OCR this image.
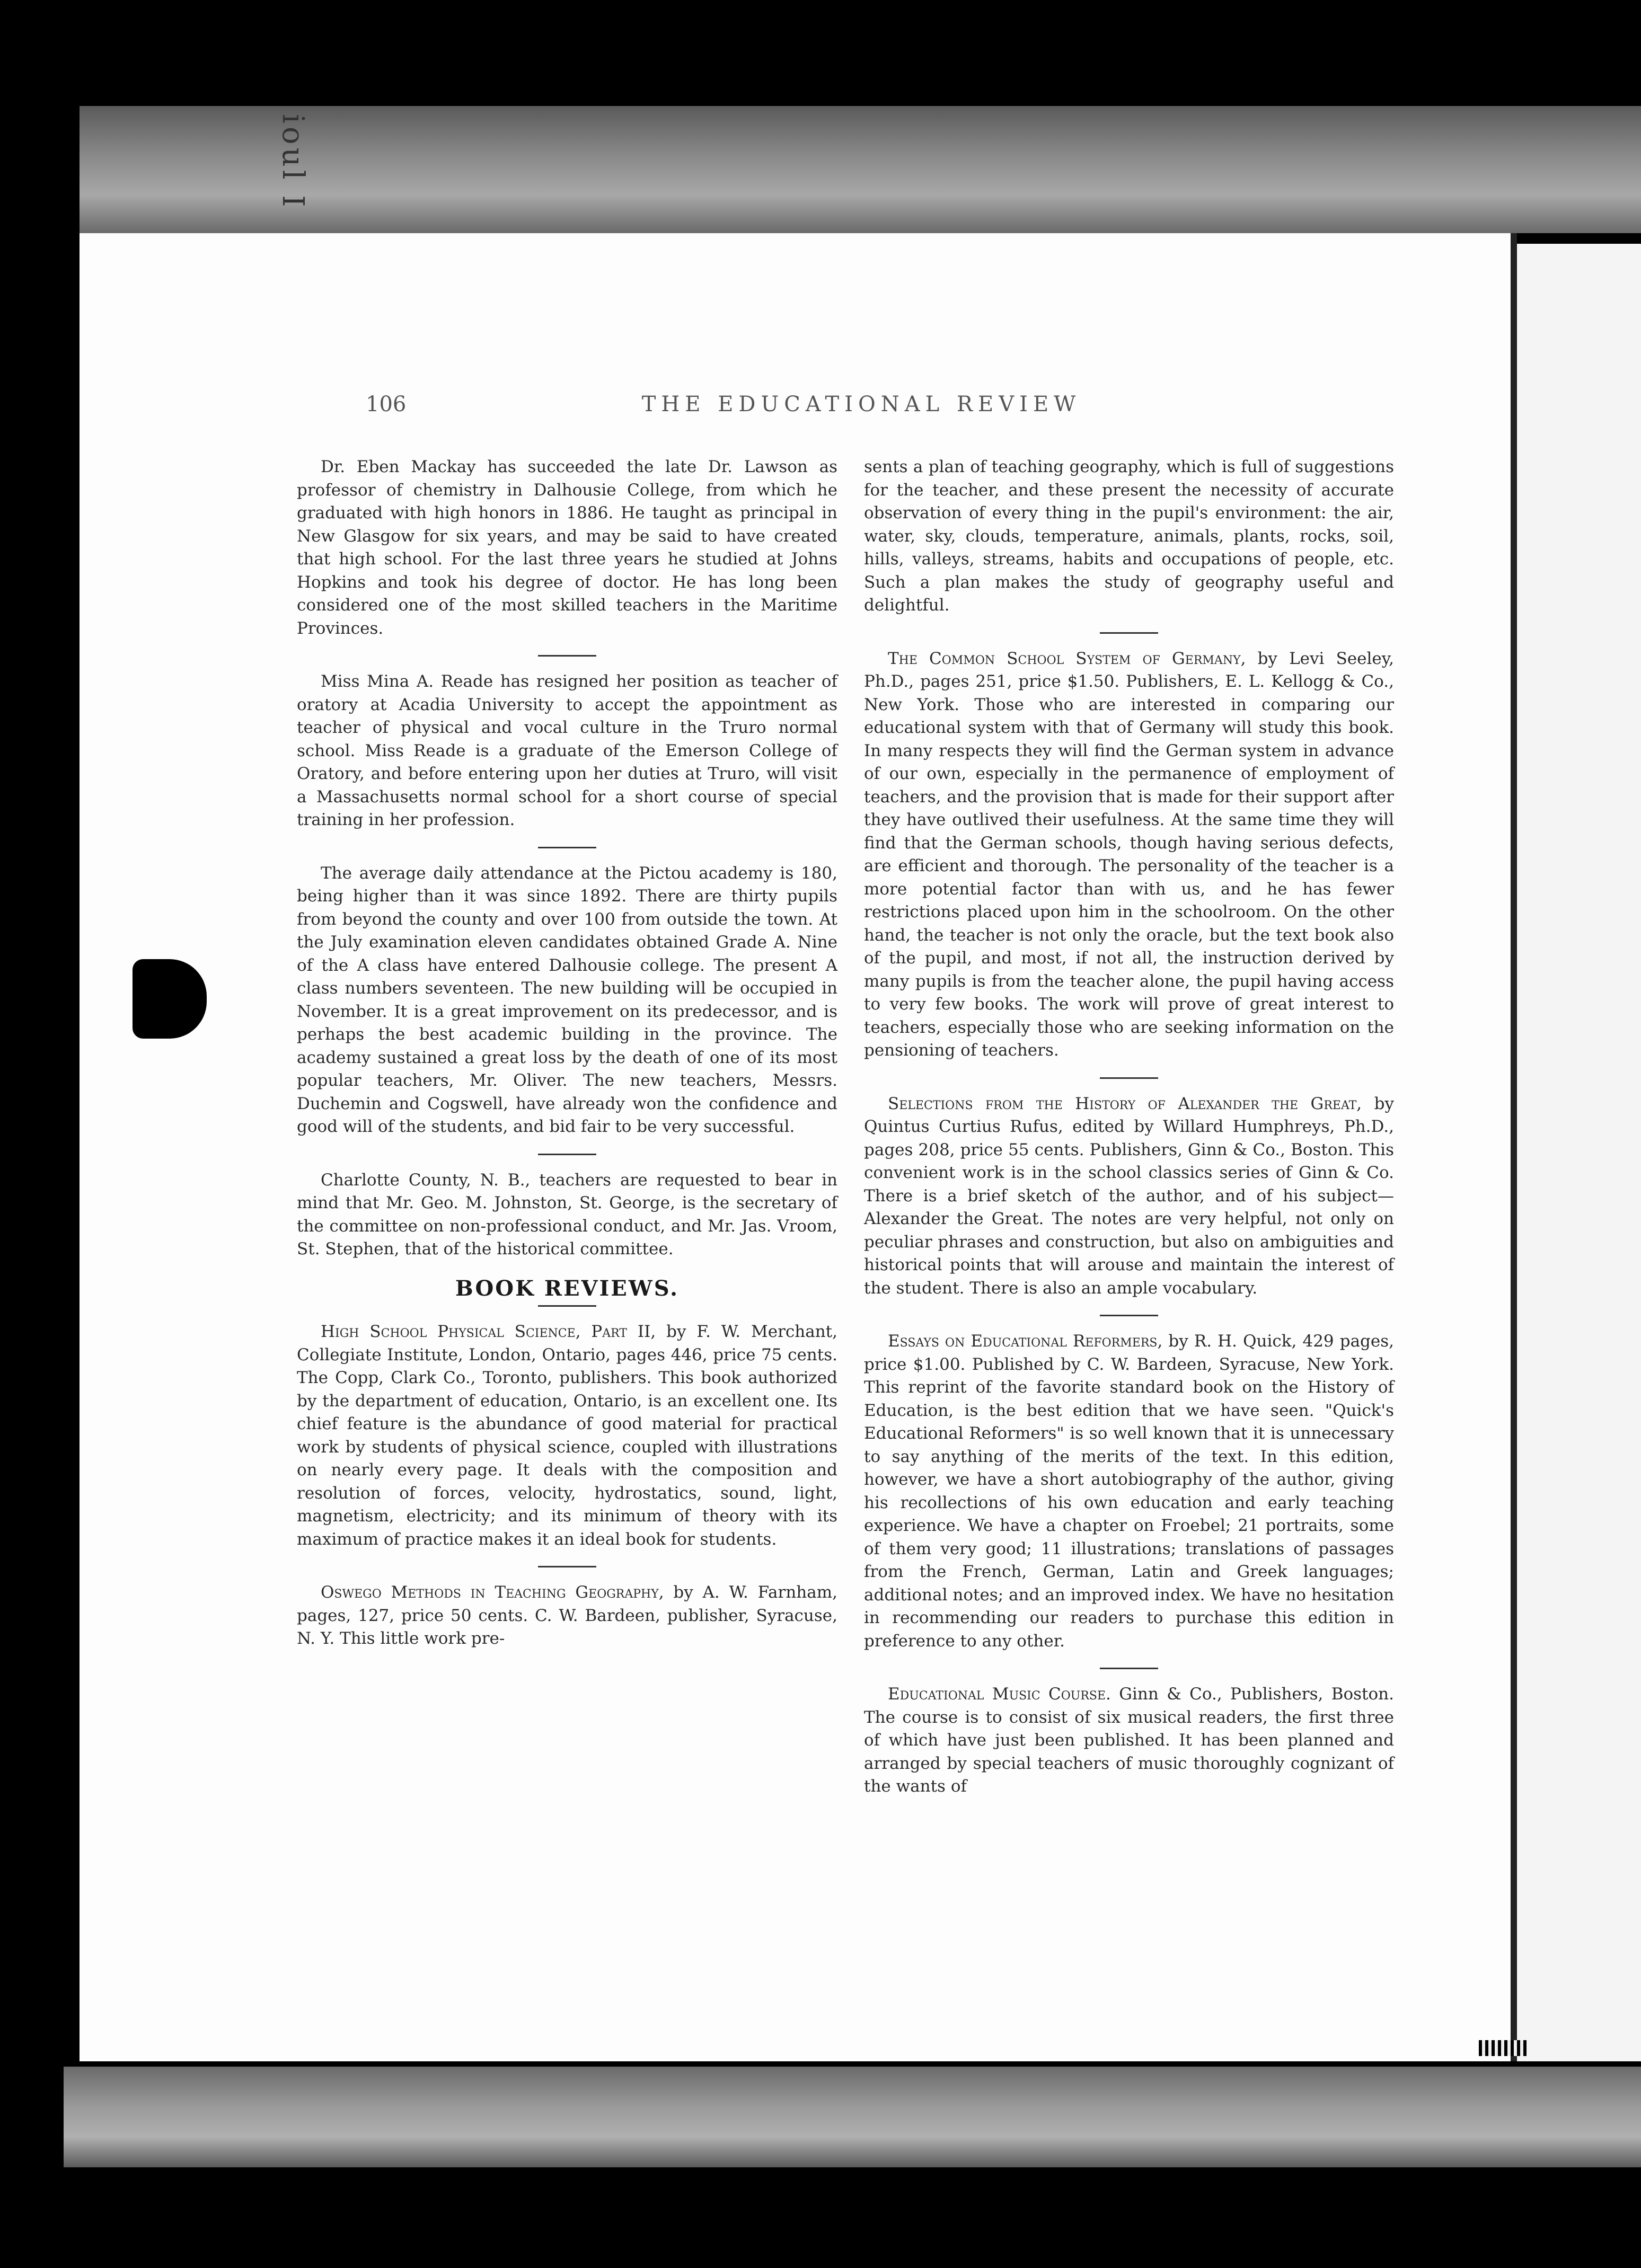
ioul I
106	THE EDUCATIONAL REVIEW

Dr. Eben Mackay has succeeded the late Dr. Lawson as professor of chemistry in Dalhousie College, from which he graduated with high honors in 1886. He taught as principal in New Glasgow for six years, and may be said to have created that high school. For the last three years he studied at Johns Hopkins and took his degree of doctor. He has long been considered one of the most skilled teachers in the Maritime Provinces.

Miss Mina A. Reade has resigned her position as teacher of oratory at Acadia University to accept the appointment as teacher of physical and vocal culture in the Truro normal school. Miss Reade is a graduate of the Emerson College of Oratory, and before entering upon her duties at Truro, will visit a Massachusetts normal school for a short course of special training in her profession.

The average daily attendance at the Pictou academy is 180, being higher than it was since 1892. There are thirty pupils from beyond the county and over 100 from outside the town. At the July examination eleven candidates obtained Grade A. Nine of the A class have entered Dalhousie college. The present A class numbers seventeen. The new building will be occupied in November. It is a great improvement on its predecessor, and is perhaps the best academic building in the province. The academy sustained a great loss by the death of one of its most popular teachers, Mr. Oliver. The new teachers, Messrs. Duchemin and Cogswell, have already won the confidence and good will of the students, and bid fair to be very successful.

Charlotte County, N. B., teachers are requested to bear in mind that Mr. Geo. M. Johnston, St. George, is the secretary of the committee on non-professional conduct, and Mr. Jas. Vroom, St. Stephen, that of the historical committee.

BOOK REVIEWS.

High School Physical Science, Part II, by F. W. Merchant, Collegiate Institute, London, Ontario, pages 446, price 75 cents. The Copp, Clark Co., Toronto, publishers. This book authorized by the department of education, Ontario, is an excellent one. Its chief feature is the abundance of good material for practical work by students of physical science, coupled with illustrations on nearly every page. It deals with the composition and resolution of forces, velocity, hydrostatics, sound, light, magnetism, electricity; and its minimum of theory with its maximum of practice makes it an ideal book for students.

Oswego Methods in Teaching Geography, by A. W. Farnham, pages, 127, price 50 cents. C. W. Bardeen, publisher, Syracuse, N. Y. This little work pre-

sents a plan of teaching geography, which is full of suggestions for the teacher, and these present the necessity of accurate observation of every thing in the pupil's environment: the air, water, sky, clouds, temperature, animals, plants, rocks, soil, hills, valleys, streams, habits and occupations of people, etc. Such a plan makes the study of geography useful and delightful.

The Common School System of Germany, by Levi Seeley, Ph.D., pages 251, price $1.50. Publishers, E. L. Kellogg & Co., New York. Those who are interested in comparing our educational system with that of Germany will study this book. In many respects they will find the German system in advance of our own, especially in the permanence of employment of teachers, and the provision that is made for their support after they have outlived their usefulness. At the same time they will find that the German schools, though having serious defects, are efficient and thorough. The personality of the teacher is a more potential factor than with us, and he has fewer restrictions placed upon him in the schoolroom. On the other hand, the teacher is not only the oracle, but the text book also of the pupil, and most, if not all, the instruction derived by many pupils is from the teacher alone, the pupil having access to very few books. The work will prove of great interest to teachers, especially those who are seeking information on the pensioning of teachers.

Selections from the History of Alexander the Great, by Quintus Curtius Rufus, edited by Willard Humphreys, Ph.D., pages 208, price 55 cents. Publishers, Ginn & Co., Boston. This convenient work is in the school classics series of Ginn & Co. There is a brief sketch of the author, and of his subject—Alexander the Great. The notes are very helpful, not only on peculiar phrases and construction, but also on ambiguities and historical points that will arouse and maintain the interest of the student. There is also an ample vocabulary.

Essays on Educational Reformers, by R. H. Quick, 429 pages, price $1.00. Published by C. W. Bardeen, Syracuse, New York. This reprint of the favorite standard book on the History of Education, is the best edition that we have seen. "Quick's Educational Reformers" is so well known that it is unnecessary to say anything of the merits of the text. In this edition, however, we have a short autobiography of the author, giving his recollections of his own education and early teaching experience. We have a chapter on Froebel; 21 portraits, some of them very good; 11 illustrations; translations of passages from the French, German, Latin and Greek languages; additional notes; and an improved index. We have no hesitation in recommending our readers to purchase this edition in preference to any other.

Educational Music Course. Ginn & Co., Publishers, Boston. The course is to consist of six musical readers, the first three of which have just been published. It has been planned and arranged by special teachers of music thoroughly cognizant of the wants of
